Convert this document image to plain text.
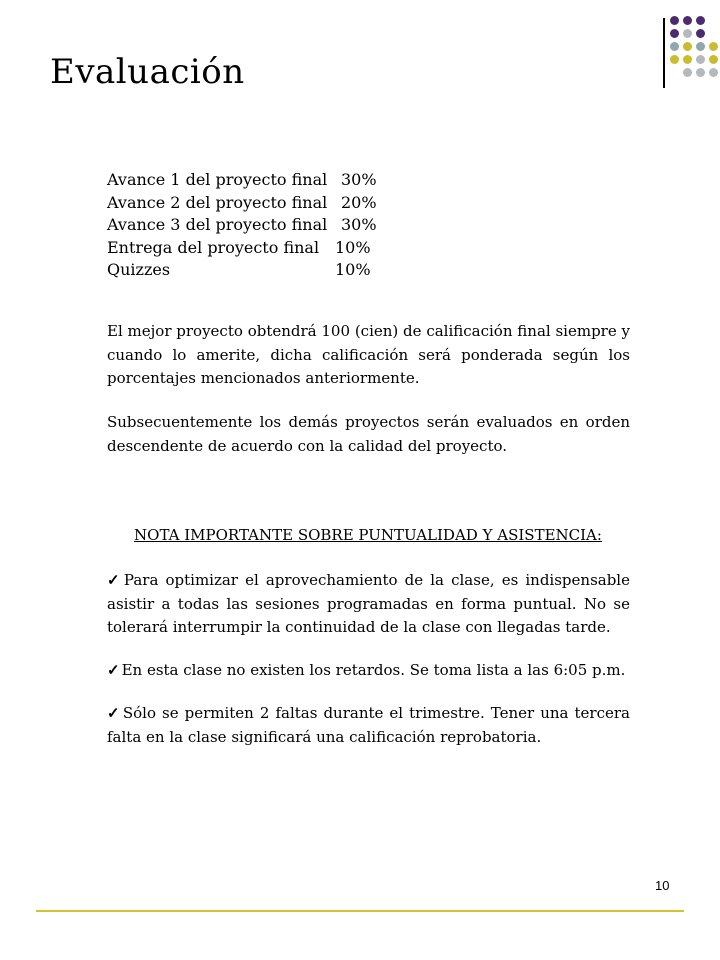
Evaluación
Avance 1 del proyecto final 30%
Avance 2 del proyecto final 20%
Avance 3 del proyecto final 30%
Entrega del proyecto final 10%
Quizzes	10%

El mejor proyecto obtendrá 100 (cien) de calificación final siempre y cuando lo amerite, dicha calificación será ponderada según los porcentajes mencionados anteriormente.

Subsecuentemente los demás proyectos serán evaluados en orden descendente de acuerdo con la calidad del proyecto.

NOTA IMPORTANTE SOBRE PUNTUALIDAD Y ASISTENCIA:

✓ Para optimizar el aprovechamiento de la clase, es indispensable asistir a todas las sesiones programadas en forma puntual. No se tolerará interrumpir la continuidad de la clase con llegadas tarde.

✓ En esta clase no existen los retardos. Se toma lista a las 6:05 p.m.

✓ Sólo se permiten 2 faltas durante el trimestre. Tener una tercera falta en la clase significará una calificación reprobatoria.

10
